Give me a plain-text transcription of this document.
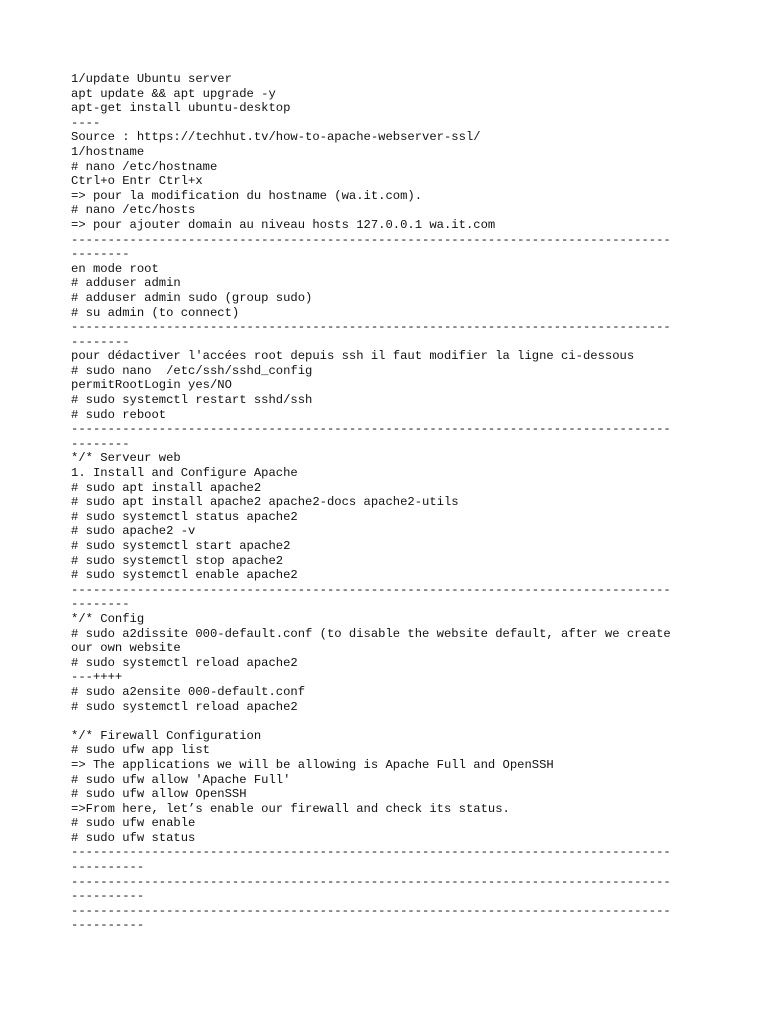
1/update Ubuntu server
apt update && apt upgrade -y
apt-get install ubuntu-desktop
----
Source : https://techhut.tv/how-to-apache-webserver-ssl/
1/hostname
# nano /etc/hostname
Ctrl+o Entr Ctrl+x
=> pour la modification du hostname (wa.it.com).
# nano /etc/hosts
=> pour ajouter domain au niveau hosts 127.0.0.1 wa.it.com
----------------------------------------------------------------------------------
--------
en mode root
# adduser admin
# adduser admin sudo (group sudo)
# su admin (to connect)
----------------------------------------------------------------------------------
--------
pour dédactiver l'accées root depuis ssh il faut modifier la ligne ci-dessous
# sudo nano  /etc/ssh/sshd_config
permitRootLogin yes/NO
# sudo systemctl restart sshd/ssh
# sudo reboot
----------------------------------------------------------------------------------
--------
*/* Serveur web
1. Install and Configure Apache
# sudo apt install apache2
# sudo apt install apache2 apache2-docs apache2-utils
# sudo systemctl status apache2
# sudo apache2 -v
# sudo systemctl start apache2
# sudo systemctl stop apache2
# sudo systemctl enable apache2
----------------------------------------------------------------------------------
--------
*/* Config
# sudo a2dissite 000-default.conf (to disable the website default, after we create
our own website
# sudo systemctl reload apache2
---++++
# sudo a2ensite 000-default.conf
# sudo systemctl reload apache2
*/* Firewall Configuration
# sudo ufw app list
=> The applications we will be allowing is Apache Full and OpenSSH
# sudo ufw allow 'Apache Full'
# sudo ufw allow OpenSSH
=>From here, let’s enable our firewall and check its status.
# sudo ufw enable
# sudo ufw status
----------------------------------------------------------------------------------
----------
----------------------------------------------------------------------------------
----------
----------------------------------------------------------------------------------
----------
